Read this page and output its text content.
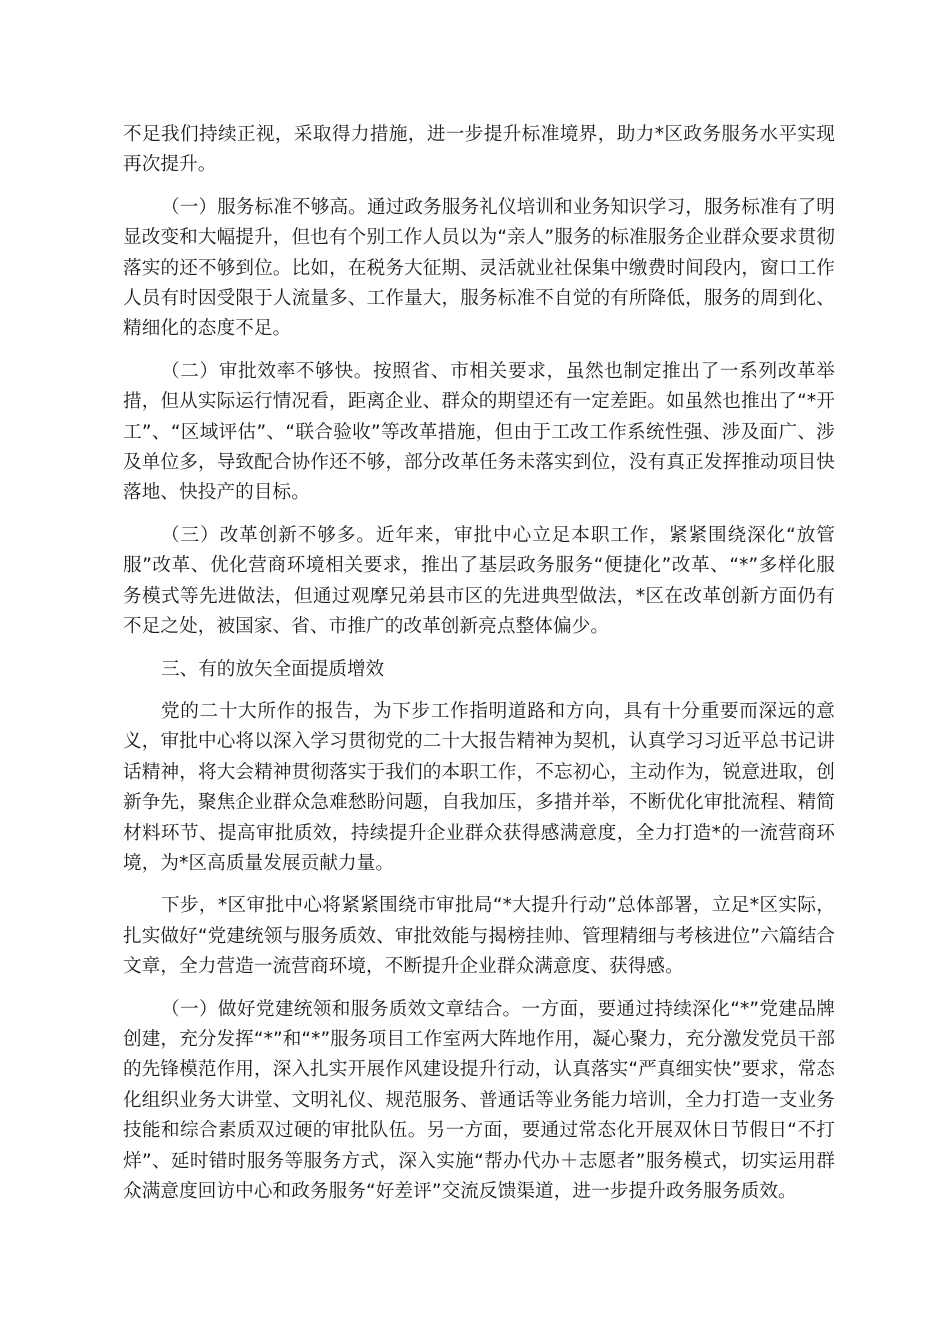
不足我们持续正视，采取得力措施，进一步提升标准境界，助力*区政务服务水平实现再次提升。

（一）服务标准不够高。通过政务服务礼仪培训和业务知识学习，服务标准有了明显改变和大幅提升，但也有个别工作人员以为“亲人”服务的标准服务企业群众要求贯彻落实的还不够到位。比如，在税务大征期、灵活就业社保集中缴费时间段内，窗口工作人员有时因受限于人流量多、工作量大，服务标准不自觉的有所降低，服务的周到化、精细化的态度不足。

（二）审批效率不够快。按照省、市相关要求，虽然也制定推出了一系列改革举措，但从实际运行情况看，距离企业、群众的期望还有一定差距。如虽然也推出了“*开工”、“区域评估”、“联合验收”等改革措施，但由于工改工作系统性强、涉及面广、涉及单位多，导致配合协作还不够，部分改革任务未落实到位，没有真正发挥推动项目快落地、快投产的目标。

（三）改革创新不够多。近年来，审批中心立足本职工作，紧紧围绕深化“放管服”改革、优化营商环境相关要求，推出了基层政务服务“便捷化”改革、“*”多样化服务模式等先进做法，但通过观摩兄弟县市区的先进典型做法，*区在改革创新方面仍有不足之处，被国家、省、市推广的改革创新亮点整体偏少。

三、有的放矢全面提质增效

党的二十大所作的报告，为下步工作指明道路和方向，具有十分重要而深远的意义，审批中心将以深入学习贯彻党的二十大报告精神为契机，认真学习习近平总书记讲话精神，将大会精神贯彻落实于我们的本职工作，不忘初心，主动作为，锐意进取，创新争先，聚焦企业群众急难愁盼问题，自我加压，多措并举，不断优化审批流程、精简材料环节、提高审批质效，持续提升企业群众获得感满意度，全力打造*的一流营商环境，为*区高质量发展贡献力量。

下步，*区审批中心将紧紧围绕市审批局“*大提升行动”总体部署，立足*区实际，扎实做好“党建统领与服务质效、审批效能与揭榜挂帅、管理精细与考核进位”六篇结合文章，全力营造一流营商环境，不断提升企业群众满意度、获得感。

（一）做好党建统领和服务质效文章结合。一方面，要通过持续深化“*”党建品牌创建，充分发挥“*”和“*”服务项目工作室两大阵地作用，凝心聚力，充分激发党员干部的先锋模范作用，深入扎实开展作风建设提升行动，认真落实“严真细实快”要求，常态化组织业务大讲堂、文明礼仪、规范服务、普通话等业务能力培训，全力打造一支业务技能和综合素质双过硬的审批队伍。另一方面，要通过常态化开展双休日节假日“不打烊”、延时错时服务等服务方式，深入实施“帮办代办＋志愿者”服务模式，切实运用群众满意度回访中心和政务服务“好差评”交流反馈渠道，进一步提升政务服务质效。
